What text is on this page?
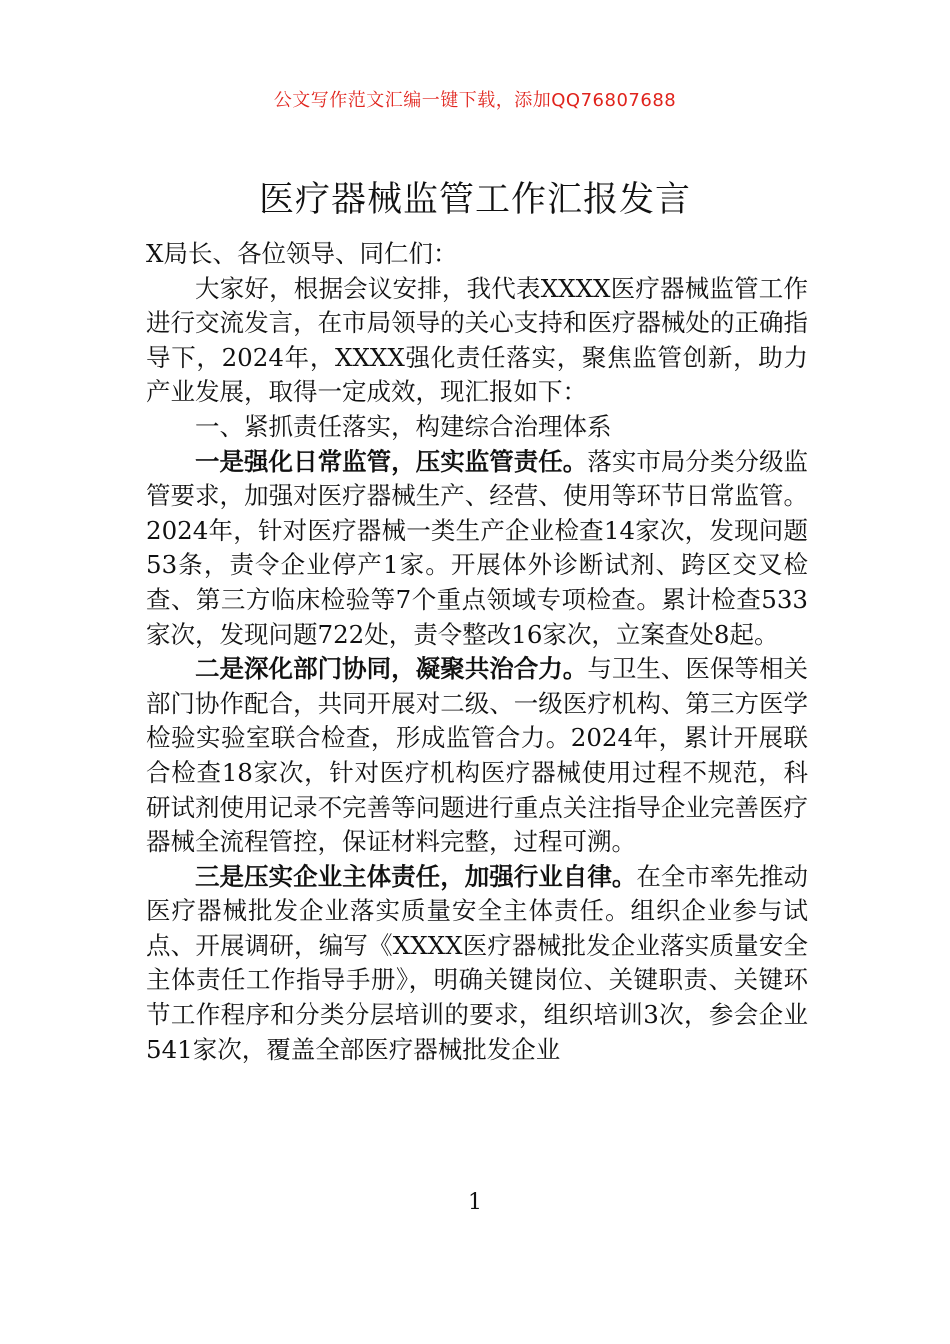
公文写作范文汇编一键下载，添加QQ76807688
医疗器械监管工作汇报发言

X局长、各位领导、同仁们：

大家好，根据会议安排，我代表XXXX医疗器械监管工作进行交流发言，在市局领导的关心支持和医疗器械处的正确指导下，2024年，XXXX强化责任落实，聚焦监管创新，助力产业发展，取得一定成效，现汇报如下：

一、紧抓责任落实，构建综合治理体系

一是强化日常监管，压实监管责任。落实市局分类分级监管要求，加强对医疗器械生产、经营、使用等环节日常监管。2024年，针对医疗器械一类生产企业检查14家次，发现问题53条，责令企业停产1家。开展体外诊断试剂、跨区交叉检查、第三方临床检验等7个重点领域专项检查。累计检查533家次，发现问题722处，责令整改16家次，立案查处8起。

二是深化部门协同，凝聚共治合力。与卫生、医保等相关部门协作配合，共同开展对二级、一级医疗机构、第三方医学检验实验室联合检查，形成监管合力。2024年，累计开展联合检查18家次，针对医疗机构医疗器械使用过程不规范，科研试剂使用记录不完善等问题进行重点关注指导企业完善医疗器械全流程管控，保证材料完整，过程可溯。

三是压实企业主体责任，加强行业自律。在全市率先推动医疗器械批发企业落实质量安全主体责任。组织企业参与试点、开展调研，编写《XXXX医疗器械批发企业落实质量安全主体责任工作指导手册》，明确关键岗位、关键职责、关键环节工作程序和分类分层培训的要求，组织培训3次，参会企业541家次，覆盖全部医疗器械批发企业

1
